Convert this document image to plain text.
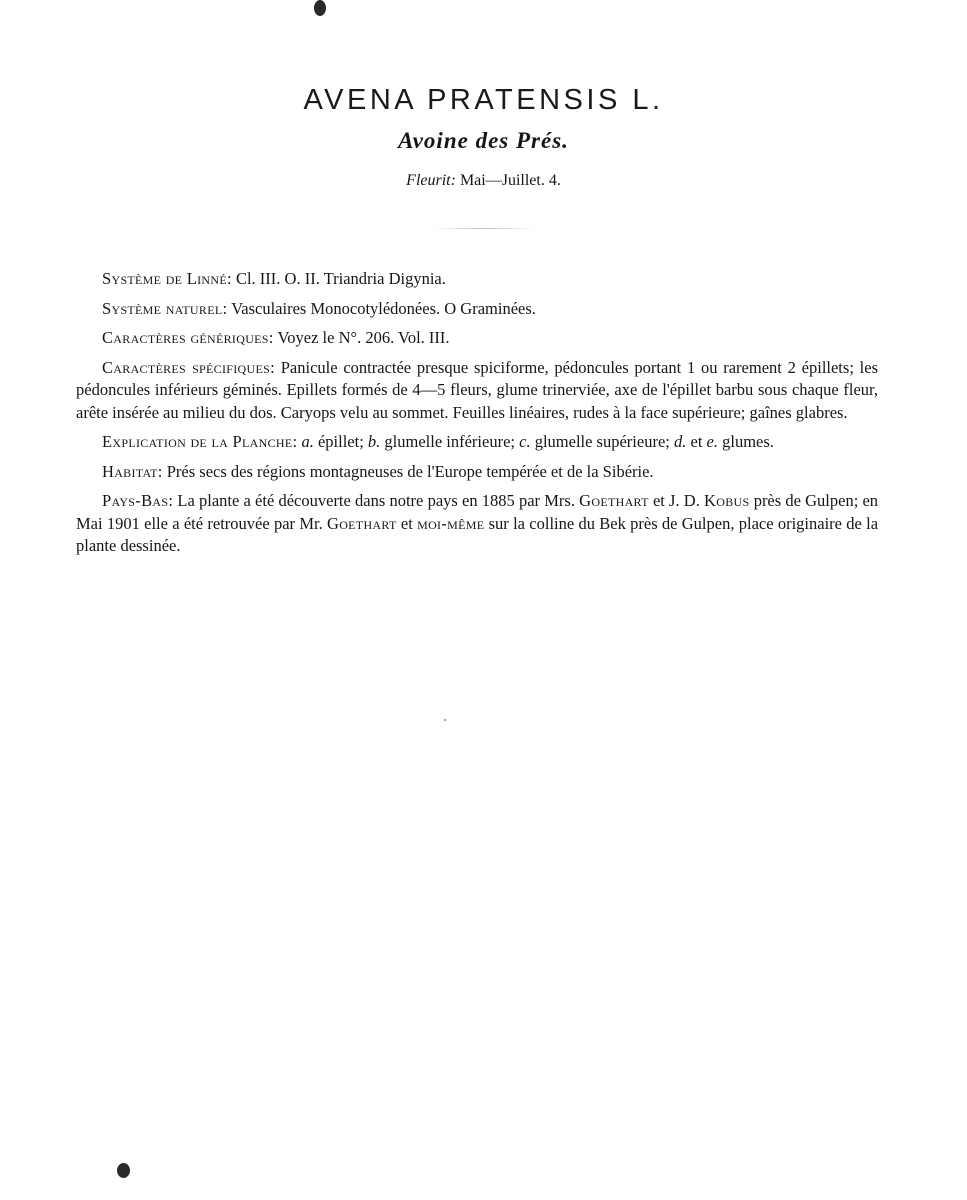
AVENA PRATENSIS L.
Avoine des Prés.
Fleurit: Mai—Juillet. 4.

Système de Linné: Cl. III. O. II. Triandria Digynia.

Système naturel: Vasculaires Monocotylédonées. O Graminées.

Caractères génériques: Voyez le N°. 206. Vol. III.

Caractères spécifiques: Panicule contractée presque spiciforme, pédoncules portant 1 ou rarement 2 épillets; les pédoncules inférieurs géminés. Epillets formés de 4—5 fleurs, glume trinerviée, axe de l'épillet barbu sous chaque fleur, arête insérée au milieu du dos. Caryops velu au sommet. Feuilles linéaires, rudes à la face supérieure; gaînes glabres.

Explication de la Planche: a. épillet; b. glumelle inférieure; c. glumelle supérieure; d. et e. glumes.

Habitat: Prés secs des régions montagneuses de l'Europe tempérée et de la Sibérie.

Pays-Bas: La plante a été découverte dans notre pays en 1885 par Mrs. Goethart et J. D. Kobus près de Gulpen; en Mai 1901 elle a été retrouvée par Mr. Goethart et moi-même sur la colline du Bek près de Gulpen, place originaire de la plante dessinée.
